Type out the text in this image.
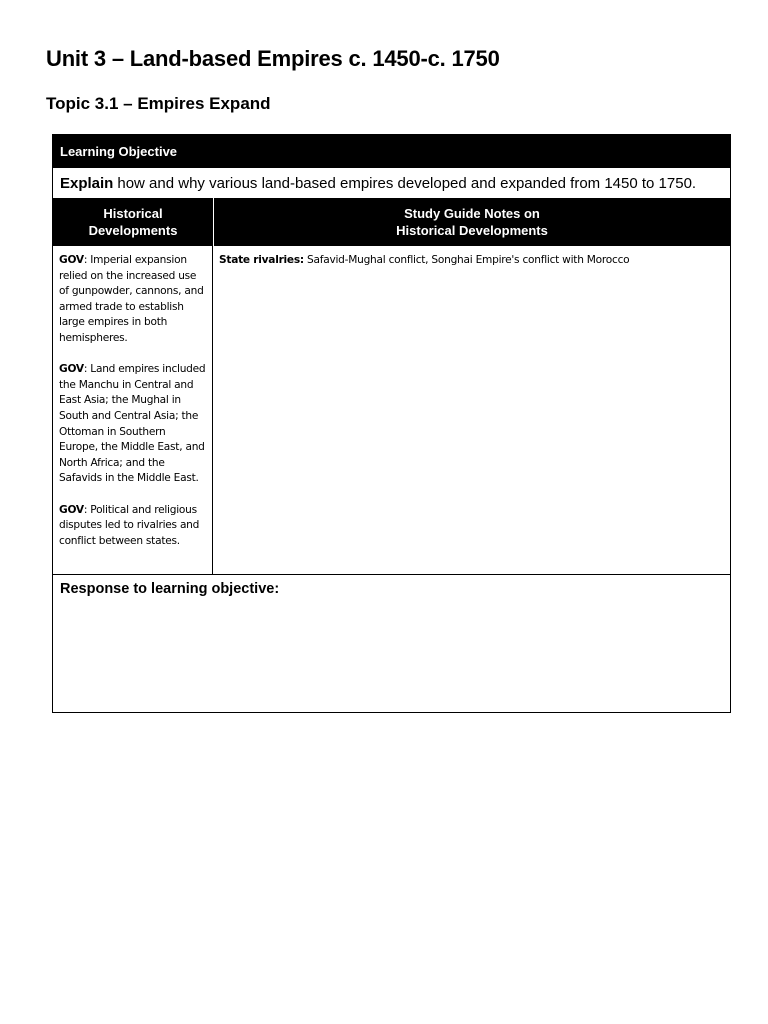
Unit 3 – Land-based Empires c. 1450-c. 1750
Topic 3.1 – Empires Expand
Learning Objective
Explain how and why various land-based empires developed and expanded from 1450 to 1750.
Historical
Developments
Study Guide Notes on
Historical Developments

GOV: Imperial expansion relied on the increased use of gunpowder, cannons, and armed trade to establish large empires in both hemispheres.

GOV: Land empires included the Manchu in Central and East Asia; the Mughal in South and Central Asia; the Ottoman in Southern Europe, the Middle East, and North Africa; and the Safavids in the Middle East.

GOV: Political and religious disputes led to rivalries and conflict between states.

State rivalries: Safavid-Mughal conflict, Songhai Empire's conflict with Morocco
Response to learning objective:
